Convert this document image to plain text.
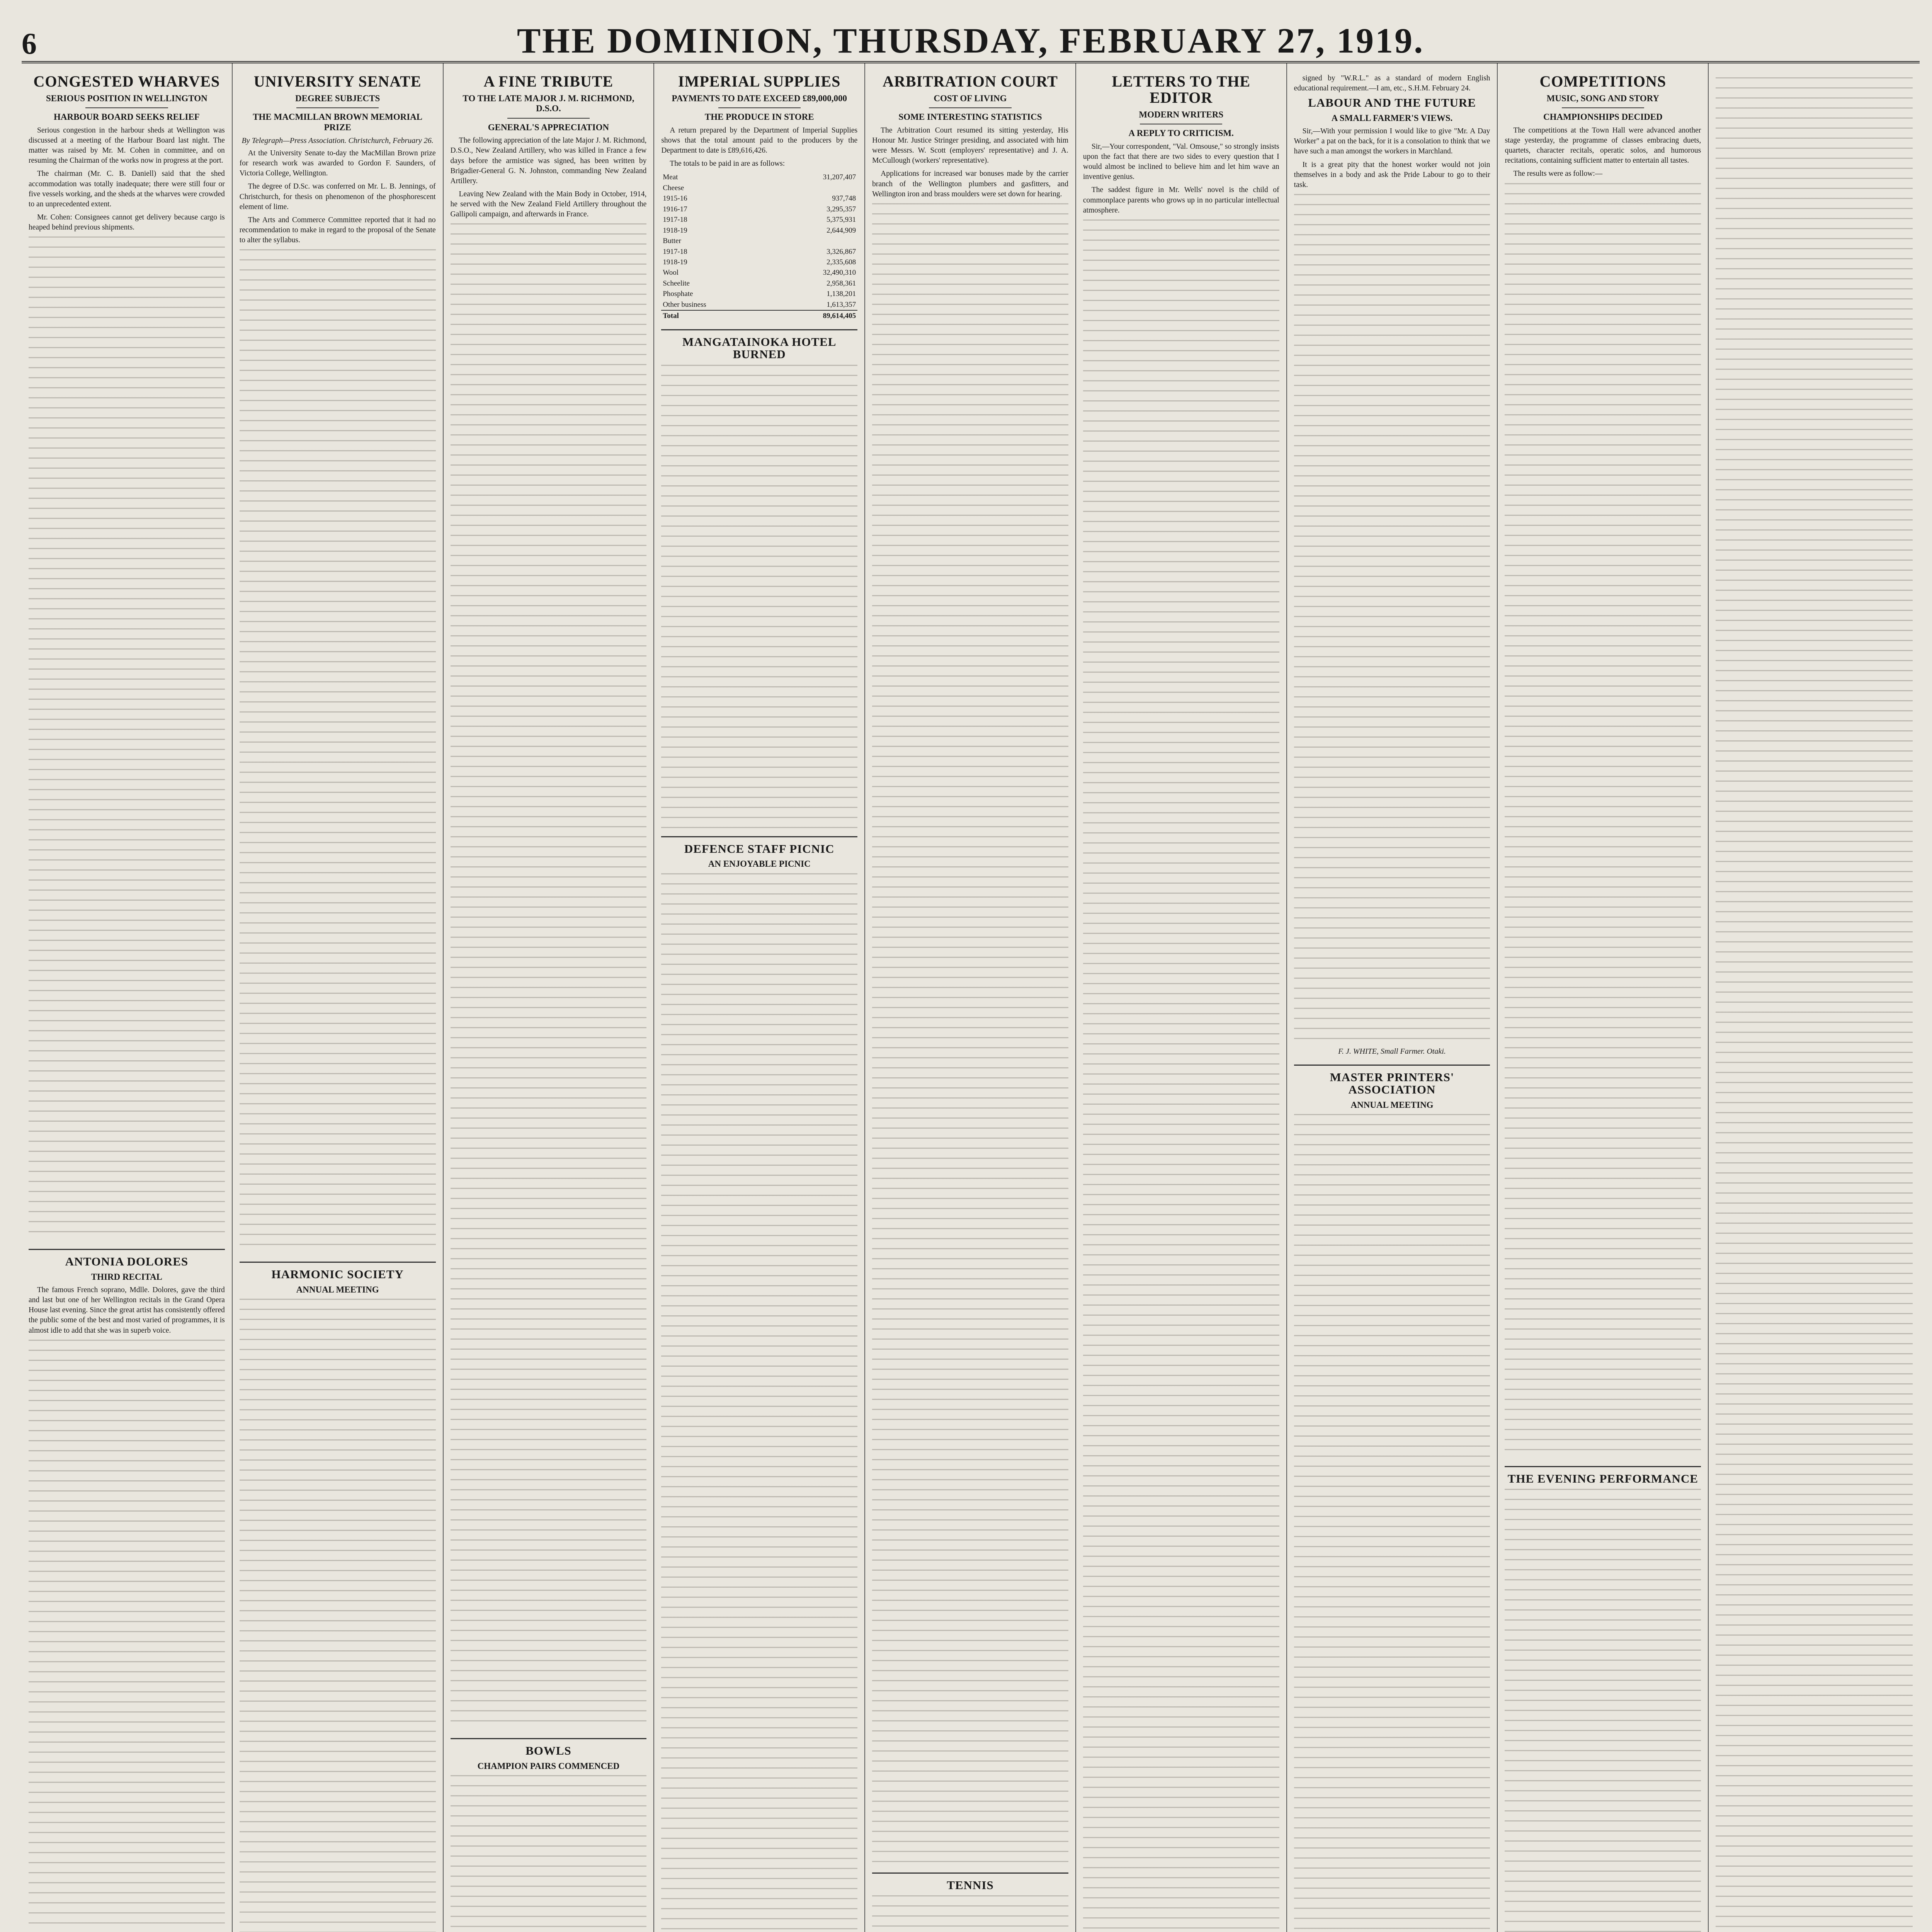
6	THE DOMINION, THURSDAY, FEBRUARY 27, 1919.
CONGESTED WHARVES
SERIOUS POSITION IN WELLINGTON
HARBOUR BOARD SEEKS RELIEF

Serious congestion in the harbour sheds at Wellington was discussed at a meeting of the Harbour Board last night. The matter was raised by Mr. M. Cohen in committee, and on resuming the Chairman of the works now in progress at the port.

The chairman (Mr. C. B. Daniell) said that the shed accommodation was totally inadequate; there were still four or five vessels working, and the sheds at the wharves were crowded to an unprecedented extent.

Mr. Cohen: Consignees cannot get delivery because cargo is heaped behind previous shipments.

ANTONIA DOLORES
THIRD RECITAL

The famous French soprano, Mdlle. Dolores, gave the third and last but one of her Wellington recitals in the Grand Opera House last evening. Since the great artist has consistently offered the public some of the best and most varied of programmes, it is almost idle to add that she was in superb voice.

UNIVERSITY SENATE
DEGREE SUBJECTS
THE MACMILLAN BROWN MEMORIAL PRIZE
By Telegraph—Press Association. Christchurch, February 26.

At the University Senate to-day the MacMillan Brown prize for research work was awarded to Gordon F. Saunders, of Victoria College, Wellington.

The degree of D.Sc. was conferred on Mr. L. B. Jennings, of Christchurch, for thesis on phenomenon of the phosphorescent element of lime.

The Arts and Commerce Committee reported that it had no recommendation to make in regard to the proposal of the Senate to alter the syllabus.

HARMONIC SOCIETY
ANNUAL MEETING
A FINE TRIBUTE
TO THE LATE MAJOR J. M. RICHMOND, D.S.O.
GENERAL'S APPRECIATION

The following appreciation of the late Major J. M. Richmond, D.S.O., New Zealand Artillery, who was killed in France a few days before the armistice was signed, has been written by Brigadier-General G. N. Johnston, commanding New Zealand Artillery.

Leaving New Zealand with the Main Body in October, 1914, he served with the New Zealand Field Artillery throughout the Gallipoli campaign, and afterwards in France.

BOWLS
CHAMPION PAIRS COMMENCED
IMPERIAL SUPPLIES
PAYMENTS TO DATE EXCEED £89,000,000
THE PRODUCE IN STORE

A return prepared by the Department of Imperial Supplies shows that the total amount paid to the producers by the Department to date is £89,616,426.

The totals to be paid in are as follows:

Meat	31,207,407
Cheese	
1915-16	937,748
1916-17	3,295,357
1917-18	5,375,931
1918-19	2,644,909
Butter	
1917-18	3,326,867
1918-19	2,335,608
Wool	32,490,310
Scheelite	2,958,361
Phosphate	1,138,201
Other business	1,613,357
Total	89,614,405
MANGATAINOKA HOTEL BURNED
DEFENCE STAFF PICNIC
AN ENJOYABLE PICNIC
ARBITRATION COURT
COST OF LIVING
SOME INTERESTING STATISTICS

The Arbitration Court resumed its sitting yesterday, His Honour Mr. Justice Stringer presiding, and associated with him were Messrs. W. Scott (employers' representative) and J. A. McCullough (workers' representative).

Applications for increased war bonuses made by the carrier branch of the Wellington plumbers and gasfitters, and Wellington iron and brass moulders were set down for hearing.

TENNIS
LETTERS TO THE EDITOR
MODERN WRITERS
A REPLY TO CRITICISM.

Sir,—Your correspondent, "Val. Omsouse," so strongly insists upon the fact that there are two sides to every question that I would almost be inclined to believe him and let him wave an inventive genius.

The saddest figure in Mr. Wells' novel is the child of commonplace parents who grows up in no particular intellectual atmosphere.

signed by "W.R.L." as a standard of modern English educational requirement.—I am, etc., S.H.M. February 24.

LABOUR AND THE FUTURE
A SMALL FARMER'S VIEWS.

Sir,—With your permission I would like to give "Mr. A Day Worker" a pat on the back, for it is a consolation to think that we have such a man amongst the workers in Marchland.

It is a great pity that the honest worker would not join themselves in a body and ask the Pride Labour to go to their task.

F. J. WHITE, Small Farmer. Otaki.
MASTER PRINTERS' ASSOCIATION
ANNUAL MEETING
COMPETITIONS
MUSIC, SONG AND STORY
CHAMPIONSHIPS DECIDED

The competitions at the Town Hall were advanced another stage yesterday, the programme of classes embracing duets, quartets, character recitals, operatic solos, and humorous recitations, containing sufficient matter to entertain all tastes.

The results were as follow:—

THE EVENING PERFORMANCE
